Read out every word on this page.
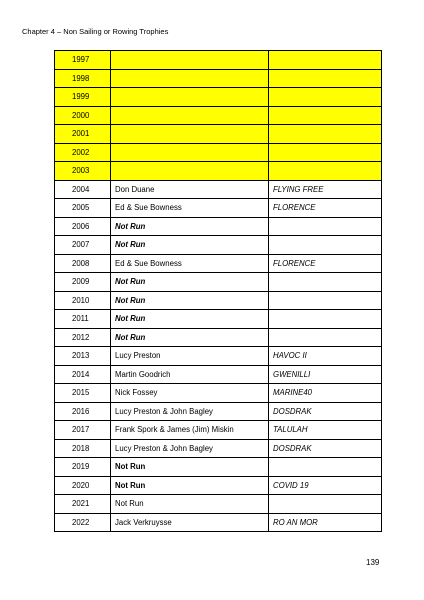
Chapter 4 – Non Sailing or Rowing Trophies
1997		
1998		
1999		
2000		
2001		
2002		
2003		
2004	Don Duane	FLYING FREE
2005	Ed & Sue Bowness	FLORENCE
2006	Not Run	
2007	Not Run	
2008	Ed & Sue Bowness	FLORENCE
2009	Not Run	
2010	Not Run	
2011	Not Run	
2012	Not Run	
2013	Lucy Preston	HAVOC II
2014	Martin Goodrich	GWENILLI
2015	Nick Fossey	MARINE40
2016	Lucy Preston & John Bagley	DOSDRAK
2017	Frank Spork & James (Jim) Miskin	TALULAH
2018	Lucy Preston & John Bagley	DOSDRAK
2019	Not Run	
2020	Not Run	COVID 19
2021	Not Run	
2022	Jack Verkruysse	RO AN MOR
139
